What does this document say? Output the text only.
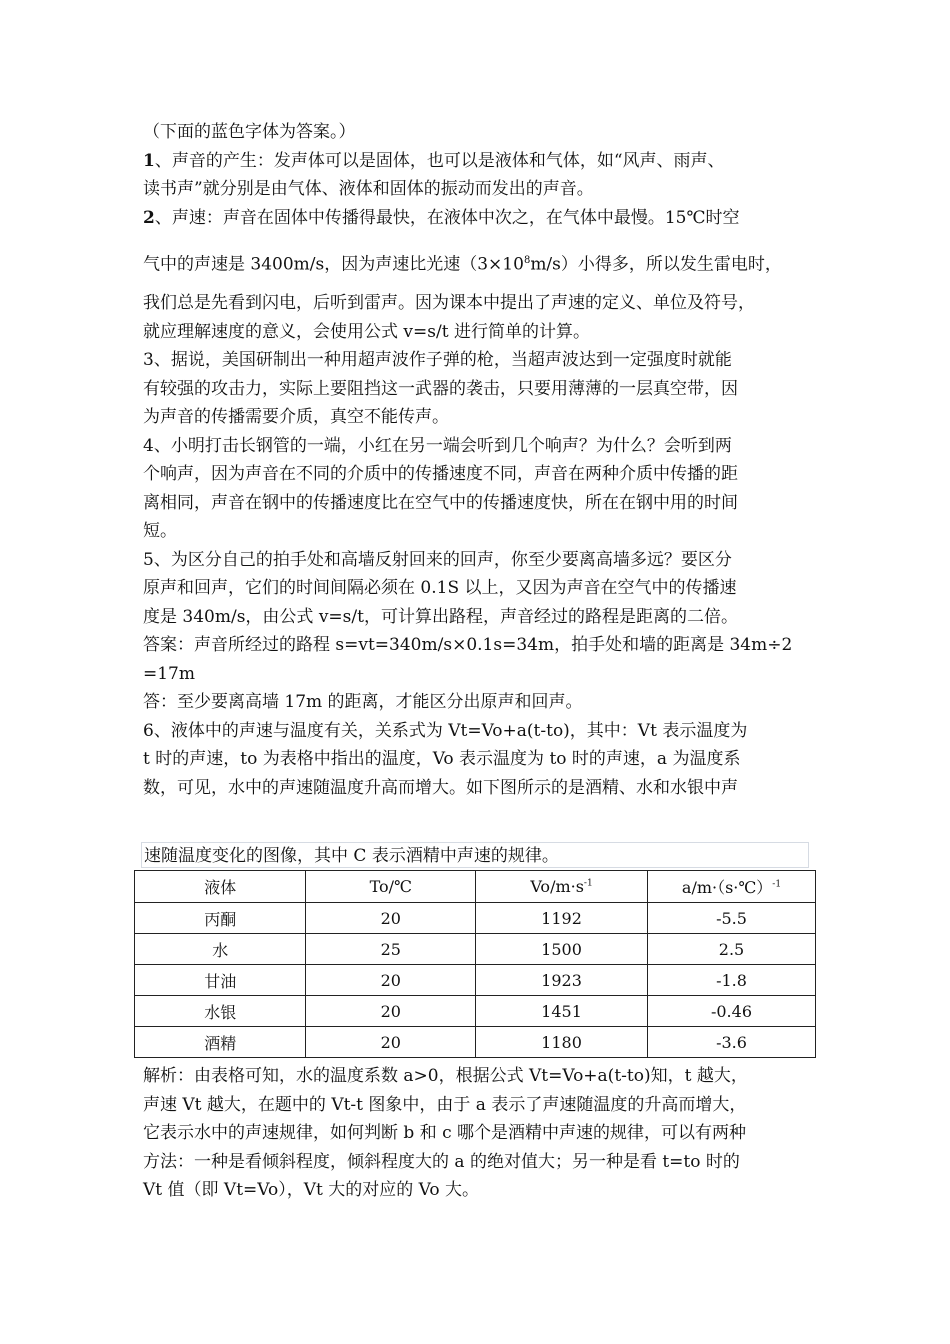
（下面的蓝色字体为答案。）
1、声音的产生：发声体可以是固体，也可以是液体和气体，如“风声、雨声、
读书声”就分别是由气体、液体和固体的振动而发出的声音。
2、声速：声音在固体中传播得最快，在液体中次之，在气体中最慢。15℃时空
气中的声速是 3400m/s，因为声速比光速$(3\times 10^8m/s)$小得多，所以发生雷电时，
我们总是先看到闪电，后听到雷声。因为课本中提出了声速的定义、单位及符号，
就应理解速度的意义，会使用公式 v=s/t 进行简单的计算。
3、据说，美国研制出一种用超声波作子弹的枪，当超声波达到一定强度时就能
有较强的攻击力，实际上要阻挡这一武器的袭击，只要用薄薄的一层真空带，因
为声音的传播需要介质，真空不能传声。
4、小明打击长钢管的一端，小红在另一端会听到几个响声？为什么？会听到两
个响声，因为声音在不同的介质中的传播速度不同，声音在两种介质中传播的距
离相同，声音在钢中的传播速度比在空气中的传播速度快，所在在钢中用的时间
短。
5、为区分自己的拍手处和高墙反射回来的回声，你至少要离高墙多远？要区分
原声和回声，它们的时间间隔必须在 0.1S 以上，又因为声音在空气中的传播速
度是 340m/s，由公式 v=s/t，可计算出路程，声音经过的路程是距离的二倍。
答案：声音所经过的路程 s=vt=340m/s×0.1s=34m，拍手处和墙的距离是 34m÷2
=17m
答：至少要离高墙 17m 的距离，才能区分出原声和回声。
6、液体中的声速与温度有关，关系式为 Vt=Vo+a(t-to)，其中：Vt 表示温度为
t 时的声速，to 为表格中指出的温度，Vo 表示温度为 to 时的声速，a 为温度系
数，可见，水中的声速随温度升高而增大。如下图所示的是酒精、水和水银中声
速随温度变化的图像，其中 C 表示酒精中声速的规律。
液体	To/℃	$Vo/m\cdot s^{-1}$	a/m·（s·℃）$^{-1}$
丙酮	20	1192	-5.5
水	25	1500	2.5
甘油	20	1923	-1.8
水银	20	1451	-0.46
酒精	20	1180	-3.6
解析：由表格可知，水的温度系数 a>0，根据公式 Vt=Vo+a(t-to)知，t 越大，
声速 Vt 越大，在题中的 Vt-t 图象中，由于 a 表示了声速随温度的升高而增大，
它表示水中的声速规律，如何判断 b 和 c 哪个是酒精中声速的规律，可以有两种
方法：一种是看倾斜程度，倾斜程度大的 a 的绝对值大；另一种是看 t=to 时的
Vt 值（即 Vt=Vo），Vt 大的对应的 Vo 大。
